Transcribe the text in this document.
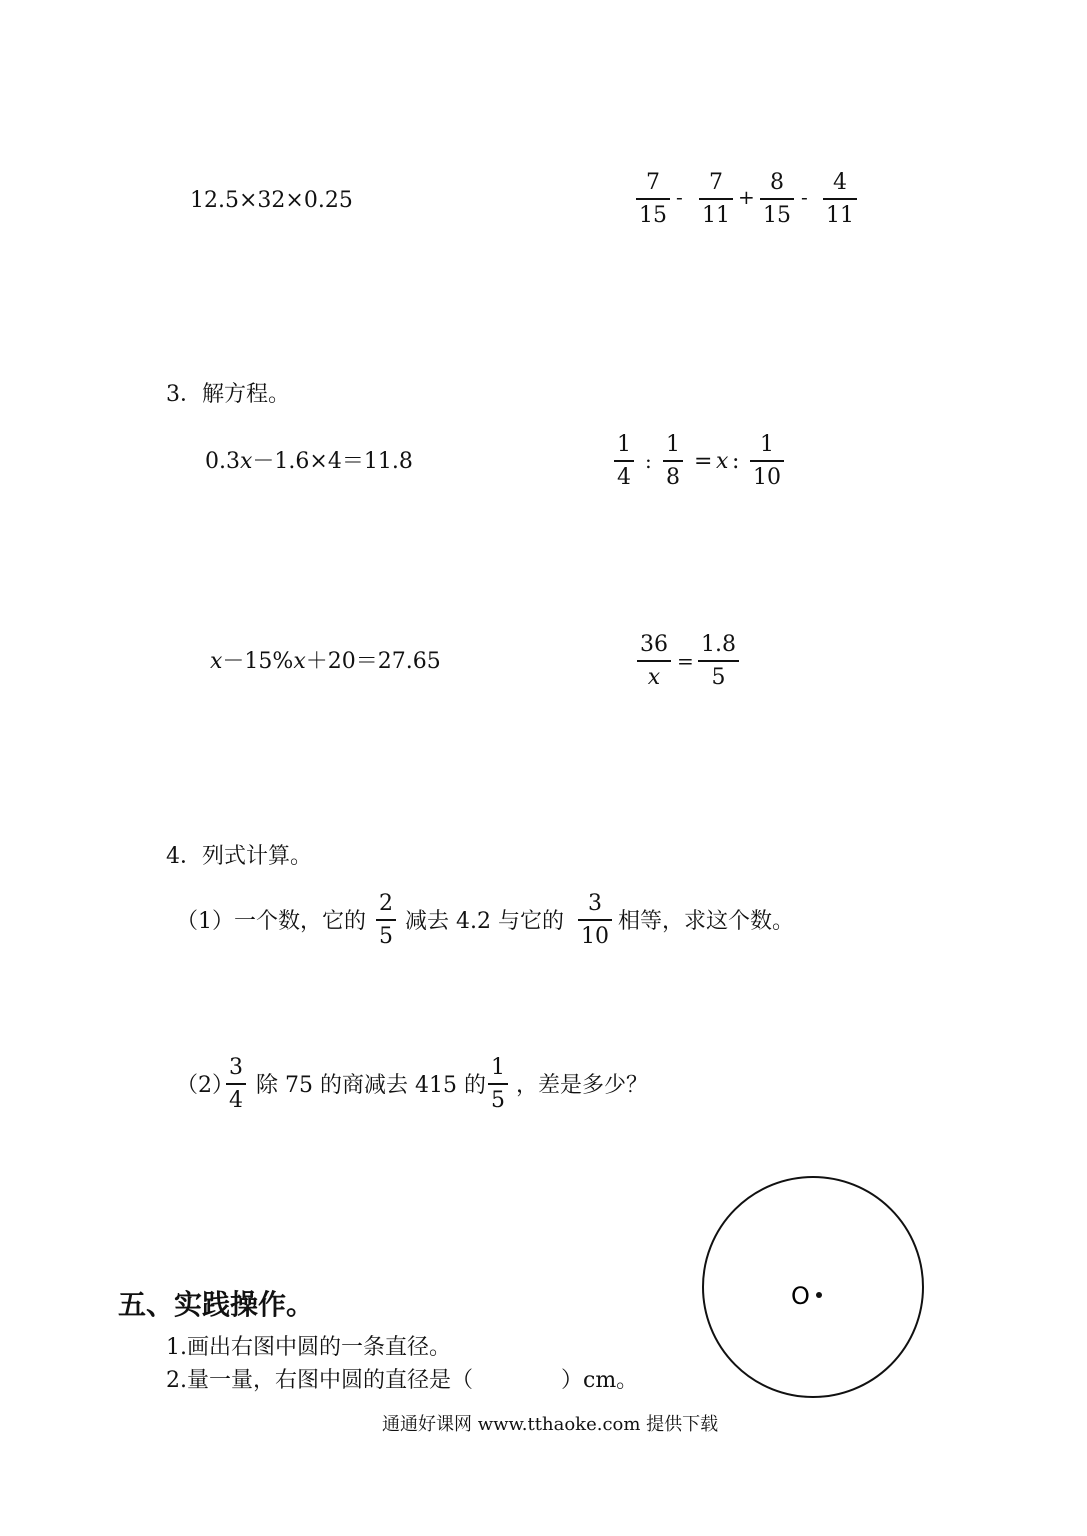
12.5×32×0.25
7
15
-
7
11
+
8
15
-
4
11
3．解方程。
0.3x－1.6×4＝11.8
1
4
:
1
8
= x :
1
10
x－15%x＋20＝27.65
36
x
=
1.8
5
4．列式计算。
（1）一个数，它的
2
5
减去 4.2 与它的
3
10
相等，求这个数。
（2）
3
4
除 75 的商减去 415 的
1
5
，差是多少？
五、实践操作。
1.画出右图中圆的一条直径。
2.量一量，右图中圆的直径是（　　　　）cm。
O
通通好课网 www.tthaoke.com 提供下载
